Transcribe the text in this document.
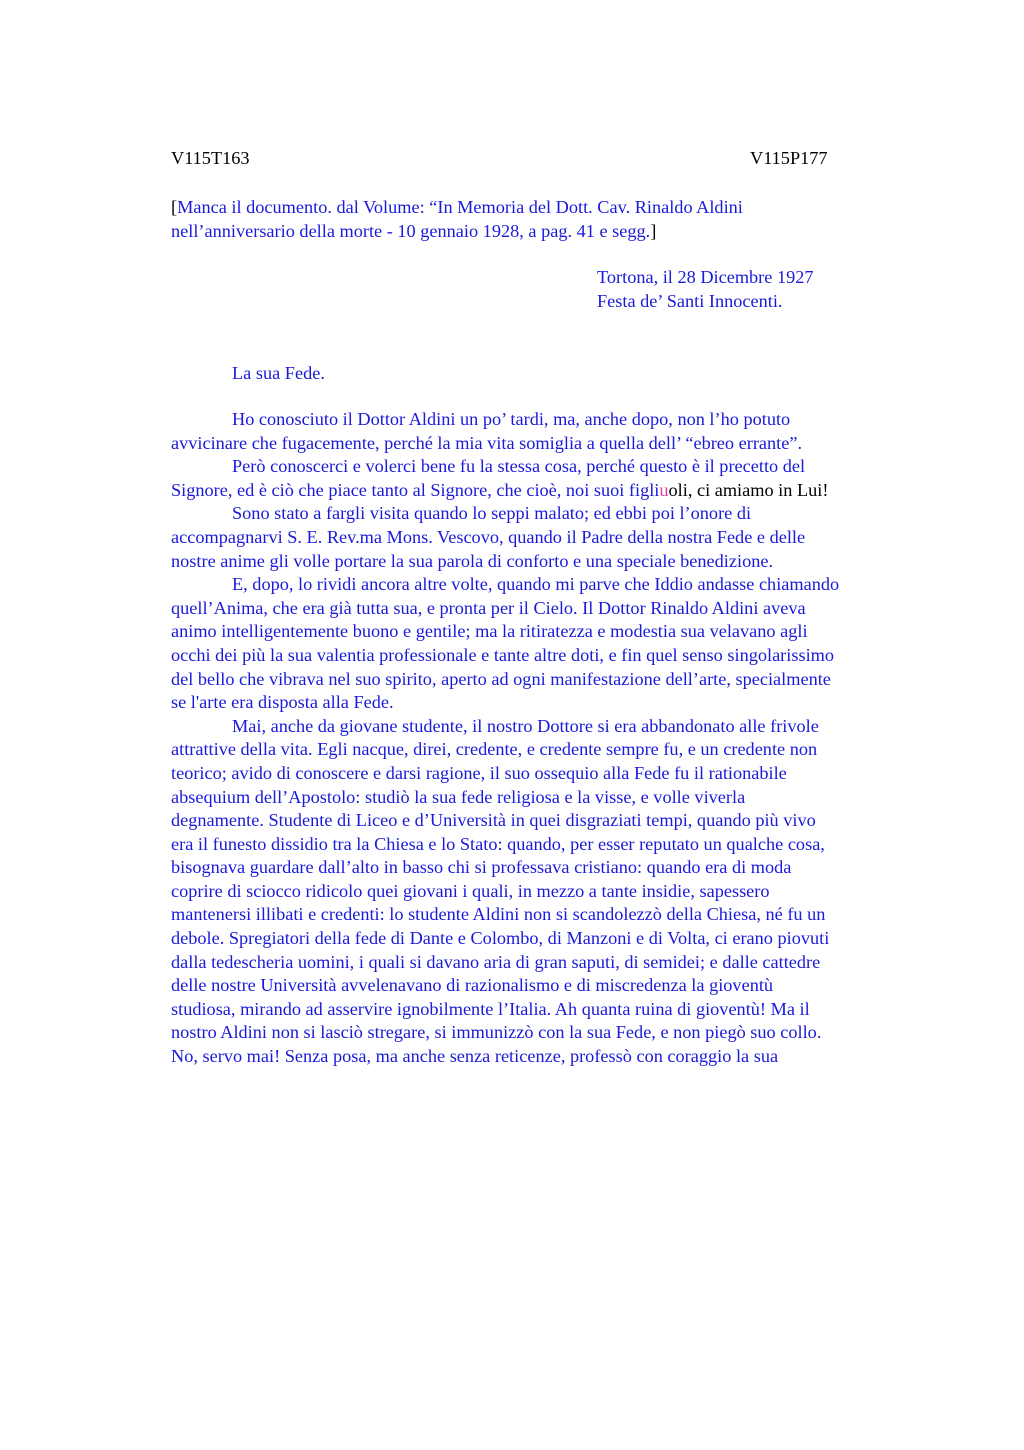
V115T163	V115P177
[Manca il documento. dal Volume: “In Memoria del Dott. Cav. Rinaldo Aldini
nell’anniversario della morte - 10 gennaio 1928, a pag. 41 e segg.]
Tortona, il 28 Dicembre 1927
Festa de’ Santi Innocenti.
La sua Fede.
Ho conosciuto il Dottor Aldini un po’ tardi, ma, anche dopo, non l’ho potuto
avvicinare che fugacemente, perché la mia vita somiglia a quella dell’ “ebreo errante”.
Però conoscerci e volerci bene fu la stessa cosa, perché questo è il precetto del
Signore, ed è ciò che piace tanto al Signore, che cioè, noi suoi figliuoli, ci amiamo in Lui!
Sono stato a fargli visita quando lo seppi malato; ed ebbi poi l’onore di
accompagnarvi S. E. Rev.ma Mons. Vescovo, quando il Padre della nostra Fede e delle
nostre anime gli volle portare la sua parola di conforto e una speciale benedizione.
E, dopo, lo rividi ancora altre volte, quando mi parve che Iddio andasse chiamando
quell’Anima, che era già tutta sua, e pronta per il Cielo. Il Dottor Rinaldo Aldini aveva
animo intelligentemente buono e gentile; ma la ritiratezza e modestia sua velavano agli
occhi dei più la sua valentia professionale e tante altre doti, e fin quel senso singolarissimo
del bello che vibrava nel suo spirito, aperto ad ogni manifestazione dell’arte, specialmente
se l'arte era disposta alla Fede.
Mai, anche da giovane studente, il nostro Dottore si era abbandonato alle frivole
attrattive della vita. Egli nacque, direi, credente, e credente sempre fu, e un credente non
teorico; avido di conoscere e darsi ragione, il suo ossequio alla Fede fu il rationabile
absequium dell’Apostolo: studiò la sua fede religiosa e la visse, e volle viverla
degnamente. Studente di Liceo e d’Università in quei disgraziati tempi, quando più vivo
era il funesto dissidio tra la Chiesa e lo Stato: quando, per esser reputato un qualche cosa,
bisognava guardare dall’alto in basso chi si professava cristiano: quando era di moda
coprire di sciocco ridicolo quei giovani i quali, in mezzo a tante insidie, sapessero
mantenersi illibati e credenti: lo studente Aldini non si scandolezzò della Chiesa, né fu un
debole. Spregiatori della fede di Dante e Colombo, di Manzoni e di Volta, ci erano piovuti
dalla tedescheria uomini, i quali si davano aria di gran saputi, di semidei; e dalle cattedre
delle nostre Università avvelenavano di razionalismo e di miscredenza la gioventù
studiosa, mirando ad asservire ignobilmente l’Italia. Ah quanta ruina di gioventù! Ma il
nostro Aldini non si lasciò stregare, si immunizzò con la sua Fede, e non piegò suo collo.
No, servo mai! Senza posa, ma anche senza reticenze, professò con coraggio la sua
